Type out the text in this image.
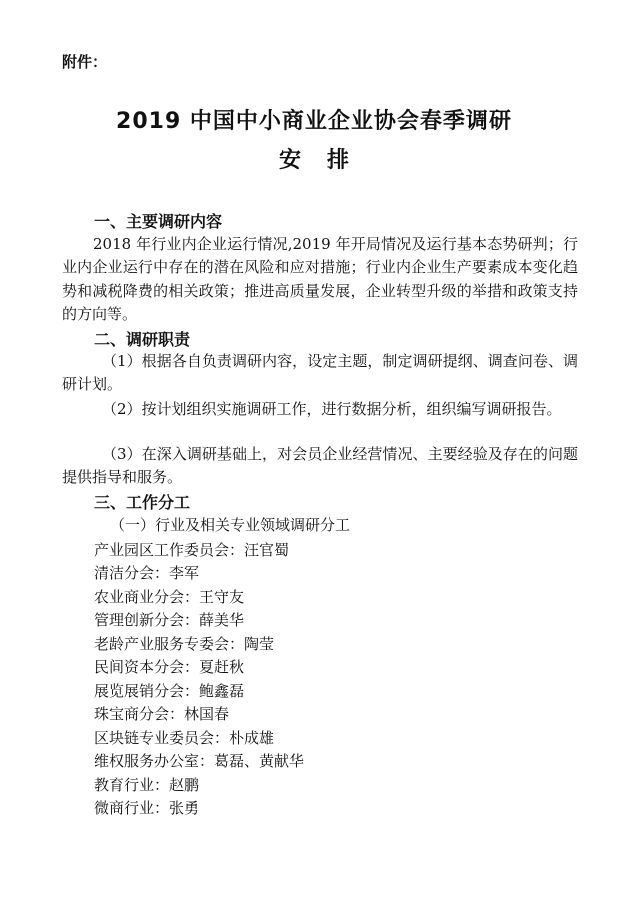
附件：
2019 中国中小商业企业协会春季调研
安排
一、主要调研内容
2018 年行业内企业运行情况,2019 年开局情况及运行基本态势研判；行业内企业运行中存在的潜在风险和应对措施；行业内企业生产要素成本变化趋势和减税降费的相关政策；推进高质量发展，企业转型升级的举措和政策支持的方向等。
二、调研职责
（1）根据各自负责调研内容，设定主题，制定调研提纲、调查问卷、调研计划。
（2）按计划组织实施调研工作，进行数据分析，组织编写调研报告。
（3）在深入调研基础上，对会员企业经营情况、主要经验及存在的问题提供指导和服务。
三、工作分工
（一）行业及相关专业领域调研分工
产业园区工作委员会：汪官蜀
清洁分会：李军
农业商业分会：王守友
管理创新分会：薛美华
老龄产业服务专委会：陶莹
民间资本分会：夏赶秋
展览展销分会：鲍鑫磊
珠宝商分会：林国春
区块链专业委员会：朴成雄
维权服务办公室：葛磊、黄献华
教育行业：赵鹏
微商行业：张勇
